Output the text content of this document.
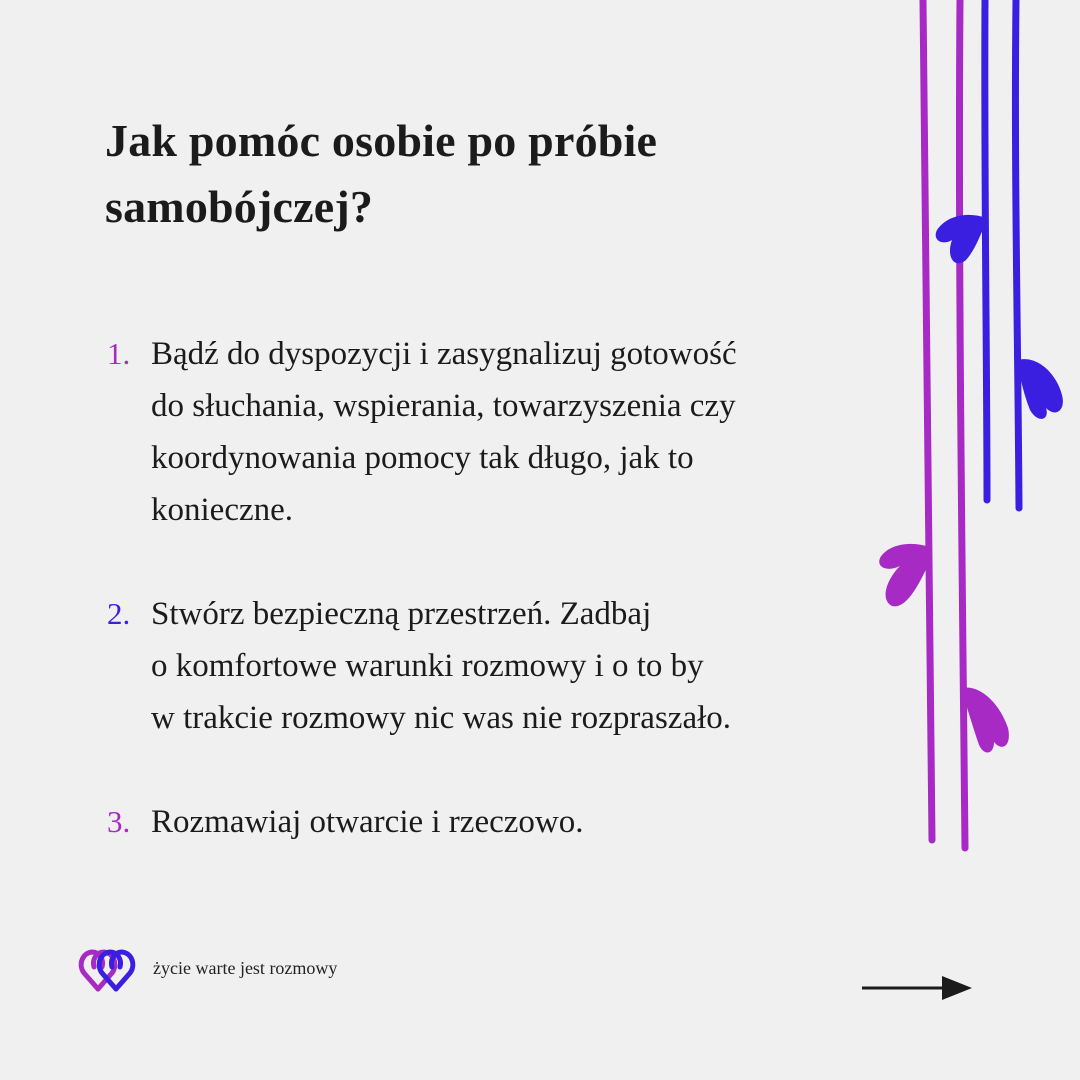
Jak pomóc osobie po próbie
samobójczej?
1. Bądź do dyspozycji i zasygnalizuj gotowość
do słuchania, wspierania, towarzyszenia czy
koordynowania pomocy tak długo, jak to
konieczne.
2. Stwórz bezpieczną przestrzeń. Zadbaj
o komfortowe warunki rozmowy i o to by
w trakcie rozmowy nic was nie rozpraszało.
3. Rozmawiaj otwarcie i rzeczowo.
życie warte jest rozmowy
